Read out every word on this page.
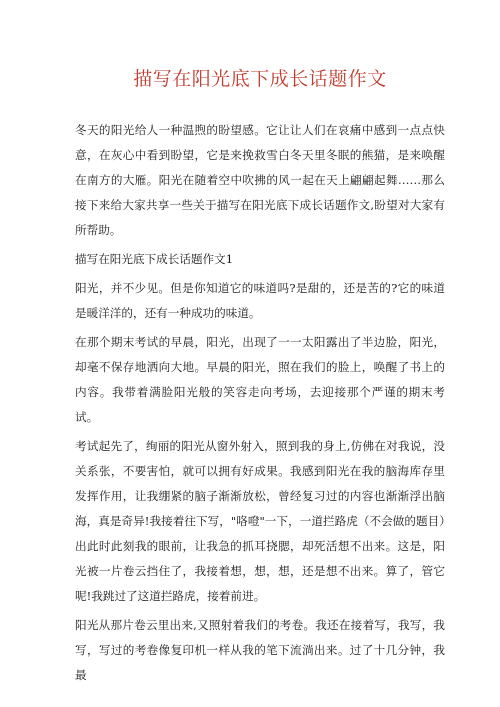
描写在阳光底下成长话题作文

冬天的阳光给人一种温煦的盼望感。它让让人们在哀痛中感到一点点快意，在灰心中看到盼望，它是来挽救雪白冬天里冬眠的熊猫，是来唤醒在南方的大雁。阳光在随着空中吹拂的风一起在天上翩翩起舞……那么接下来给大家共享一些关于描写在阳光底下成长话题作文,盼望对大家有所帮助。

描写在阳光底下成长话题作文1

阳光，并不少见。但是你知道它的味道吗?是甜的，还是苦的?它的味道是暖洋洋的，还有一种成功的味道。

在那个期末考试的早晨，阳光，出现了一一太阳露出了半边脸，阳光，却毫不保存地洒向大地。早晨的阳光，照在我们的脸上，唤醒了书上的内容。我带着满脸阳光般的笑容走向考场，去迎接那个严谨的期末考试。

考试起先了，绚丽的阳光从窗外射入，照到我的身上,仿佛在对我说，没关系张，不要害怕，就可以拥有好成果。我感到阳光在我的脑海库存里发挥作用，让我绷紧的脑子渐渐放松，曾经复习过的内容也渐渐浮出脑海，真是奇异!我接着往下写，"咯噔"一下，一道拦路虎（不会做的题目）出此时此刻我的眼前，让我急的抓耳挠腮，却死活想不出来。这是，阳光被一片卷云挡住了，我接着想，想，想，还是想不出来。算了，管它呢!我跳过了这道拦路虎，接着前进。

阳光从那片卷云里出来,又照射着我们的考卷。我还在接着写，我写，我写，写过的考卷像复印机一样从我的笔下流淌出来。过了十几分钟，我最
